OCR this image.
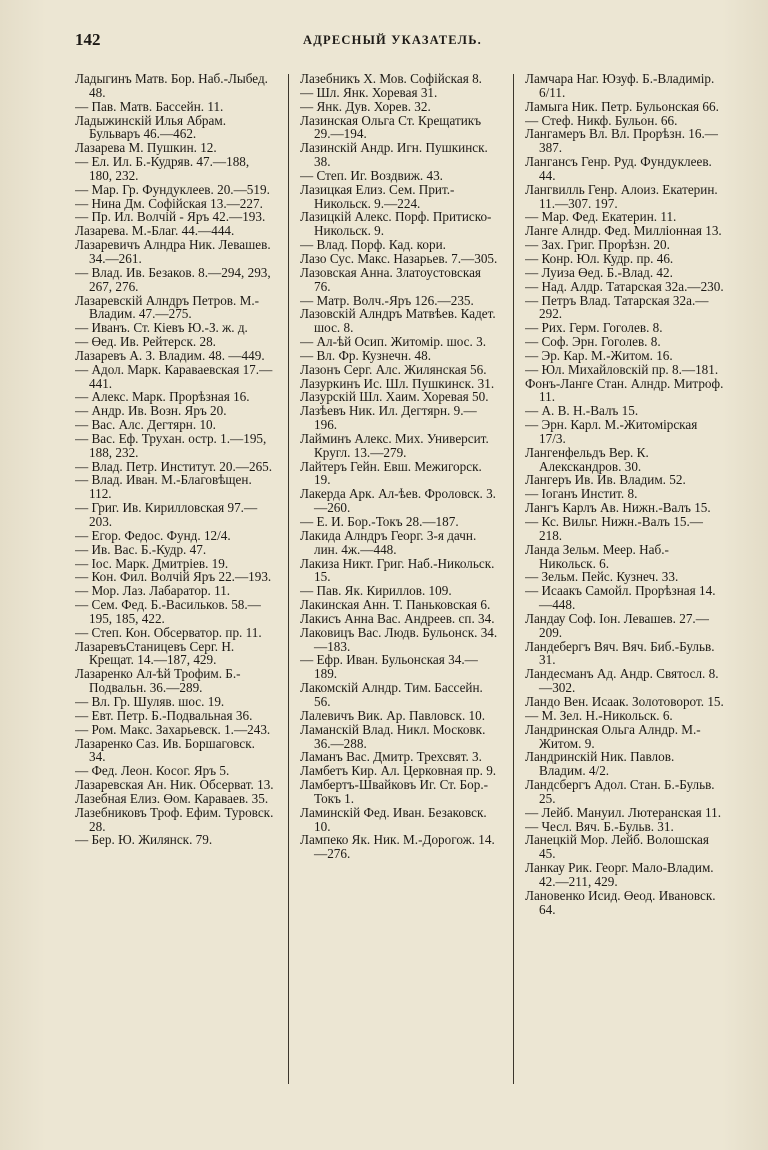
142	АДРЕСНЫЙ УКАЗАТЕЛЬ.
Ладыгинъ Матв. Бор. Наб.-Лыбед. 48.
— Пав. Матв. Бассейн. 11.
Ладыжинскій Илья Абрам. Бульваръ 46.—462.
Лазарева М. Пушкин. 12.
— Ел. Ил. Б.-Кудряв. 47.—188, 180, 232.
— Мар. Гр. Фундуклеев. 20.—519.
— Нина Дм. Софійская 13.—227.
— Пр. Ил. Волчій - Яръ 42.—193.
Лазарева. М.-Благ. 44.—444.
Лазаревичъ Алндра Ник. Левашев. 34.—261.
— Влад. Ив. Безаков. 8.—294, 293, 267, 276.
Лазаревскій Алндръ Петров. М.-Владим. 47.—275.
— Иванъ. Ст. Кіевъ Ю.-З. ж. д.
— Өед. Ив. Рейтерск. 28.
Лазаревъ А. З. Владим. 48. —449.
— Адол. Марк. Караваевская 17.—441.
— Алекс. Марк. Прорѣзная 16.
— Андр. Ив. Возн. Яръ 20.
— Вас. Алс. Дегтярн. 10.
— Вас. Еф. Трухан. остр. 1.—195, 188, 232.
— Влад. Петр. Институт. 20.—265.
— Влад. Иван. М.-Благовѣщен. 112.
— Григ. Ив. Кирилловская 97.—203.
— Егор. Федос. Фунд. 12/4.
— Ив. Вас. Б.-Кудр. 47.
— Іос. Марк. Дмитріев. 19.
— Кон. Фил. Волчій Яръ 22.—193.
— Мор. Лаз. Лабаратор. 11.
— Сем. Фед. Б.-Васильков. 58.—195, 185, 422.
— Степ. Кон. Обсерватор. пр. 11.
ЛазаревъСтаницевъ Серг. Н. Крещат. 14.—187, 429.
Лазаренко Ал-ѣй Трофим. Б.-Подвальн. 36.—289.
— Вл. Гр. Шуляв. шос. 19.
— Евт. Петр. Б.-Подвальная 36.
— Ром. Макс. Захарьевск. 1.—243.
Лазаренко Саз. Ив. Боршаговск. 34.
— Фед. Леон. Косог. Яръ 5.
Лазаревская Ан. Ник. Обсерват. 13.
Лазебная Елиз. Өом. Караваев. 35.
Лазебниковъ Троф. Ефим. Туровск. 28.
— Бер. Ю. Жилянск. 79.
Лазебникъ Х. Мов. Софійская 8.
— Шл. Янк. Хоревая 31.
— Янк. Дув. Хорев. 32.
Лазинская Ольга Ст. Крещатикъ 29.—194.
Лазинскій Андр. Игн. Пушкинск. 38.
— Степ. Иг. Воздвиж. 43.
Лазицкая Елиз. Сем. Прит.-Никольск. 9.—224.
Лазицкій Алекс. Порф. Притиско-Никольск. 9.
— Влад. Порф. Кад. кори.
Лазо Сус. Макс. Назарьев. 7.—305.
Лазовская Анна. Златоустовская 76.
— Матр. Волч.-Яръ 126.—235.
Лазовскій Алндръ Матвѣев. Кадет. шос. 8.
— Ал-ѣй Осип. Житомір. шос. 3.
— Вл. Фр. Кузнечн. 48.
Лазонъ Серг. Алс. Жилянская 56.
Лазуркинъ Ис. Шл. Пушкинск. 31.
Лазурскій Шл. Хаим. Хоревая 50.
Лазѣевъ Ник. Ил. Дегтярн. 9.—196.
Лайминъ Алекс. Мих. Университ. Кругл. 13.—279.
Лайтеръ Гейн. Евш. Межигорск. 19.
Лакерда Арк. Ал-ѣев. Фроловск. 3.—260.
— Е. И. Бор.-Токъ 28.—187.
Лакида Алндръ Георг. 3-я дачн. лин. 4ж.—448.
Лакиза Никт. Григ. Наб.-Никольск. 15.
— Пав. Як. Кириллов. 109.
Лакинская Анн. Т. Паньковская 6.
Лакисъ Анна Вас. Андреев. сп. 34.
Лаковицъ Вас. Людв. Бульонск. 34.—183.
— Ефр. Иван. Бульонская 34.—189.
Лакомскій Алндр. Тим. Бассейн. 56.
Лалевичъ Вик. Ар. Павловск. 10.
Ламанскій Влад. Никл. Московк. 36.—288.
Ламанъ Вас. Дмитр. Трехсвят. 3.
Ламбетъ Кир. Ал. Церковная пр. 9.
Ламбертъ-Швайковъ Иг. Ст. Бор.-Токъ 1.
Ламинскій Фед. Иван. Безаковск. 10.
Лампеко Як. Ник. М.-Дорогож. 14.—276.
Ламчара Наг. Юзуф. Б.-Владимір. 6/11.
Ламыга Ник. Петр. Бульонская 66.
— Стеф. Никф. Бульон. 66.
Лангамеръ Вл. Вл. Прорѣзн. 16.—387.
Лангансъ Генр. Руд. Фундуклеев. 44.
Лангвилль Генр. Алоиз. Екатерин. 11.—307. 197.
— Мар. Фед. Екатерин. 11.
Ланге Алндр. Фед. Милліонная 13.
— Зах. Григ. Прорѣзн. 20.
— Конр. Юл. Кудр. пр. 46.
— Луиза Өед. Б.-Влад. 42.
— Над. Алдр. Татарская 32а.—230.
— Петръ Влад. Татарская 32а.—292.
— Рих. Герм. Гоголев. 8.
— Соф. Эрн. Гоголев. 8.
— Эр. Кар. М.-Житом. 16.
— Юл. Михайловскій пр. 8.—181.
Фонъ-Ланге Стан. Алндр. Митроф. 11.
— А. В. Н.-Валъ 15.
— Эрн. Карл. М.-Житомірская 17/3.
Лангенфельдъ Вер. К. Алекскандров. 30.
Лангеръ Ив. Ив. Владим. 52.
— Іоганъ Инстит. 8.
Лангъ Карлъ Ав. Нижн.-Валъ 15.
— Кс. Вильг. Нижн.-Валъ 15.—218.
Ланда Зельм. Меер. Наб.-Никольск. 6.
— Зельм. Пейс. Кузнеч. 33.
— Исаакъ Самойл. Прорѣзная 14.—448.
Ландау Соф. Іон. Левашев. 27.—209.
Ландебергъ Вяч. Вяч. Биб.-Бульв. 31.
Ландесманъ Ад. Андр. Святосл. 8.—302.
Ландо Вен. Исаак. Золотоворот. 15.
— М. Зел. Н.-Никольск. 6.
Ландринская Ольга Алндр. М.-Житом. 9.
Ландринскій Ник. Павлов. Владим. 4/2.
Ландсбергъ Адол. Стан. Б.-Бульв. 25.
— Лейб. Мануил. Лютеранская 11.
— Чесл. Вяч. Б.-Бульв. 31.
Ланецкій Мор. Лейб. Волошская 45.
Ланкау Рик. Георг. Мало-Владим. 42.—211, 429.
Лановенко Исид. Өеод. Ивановск. 64.
